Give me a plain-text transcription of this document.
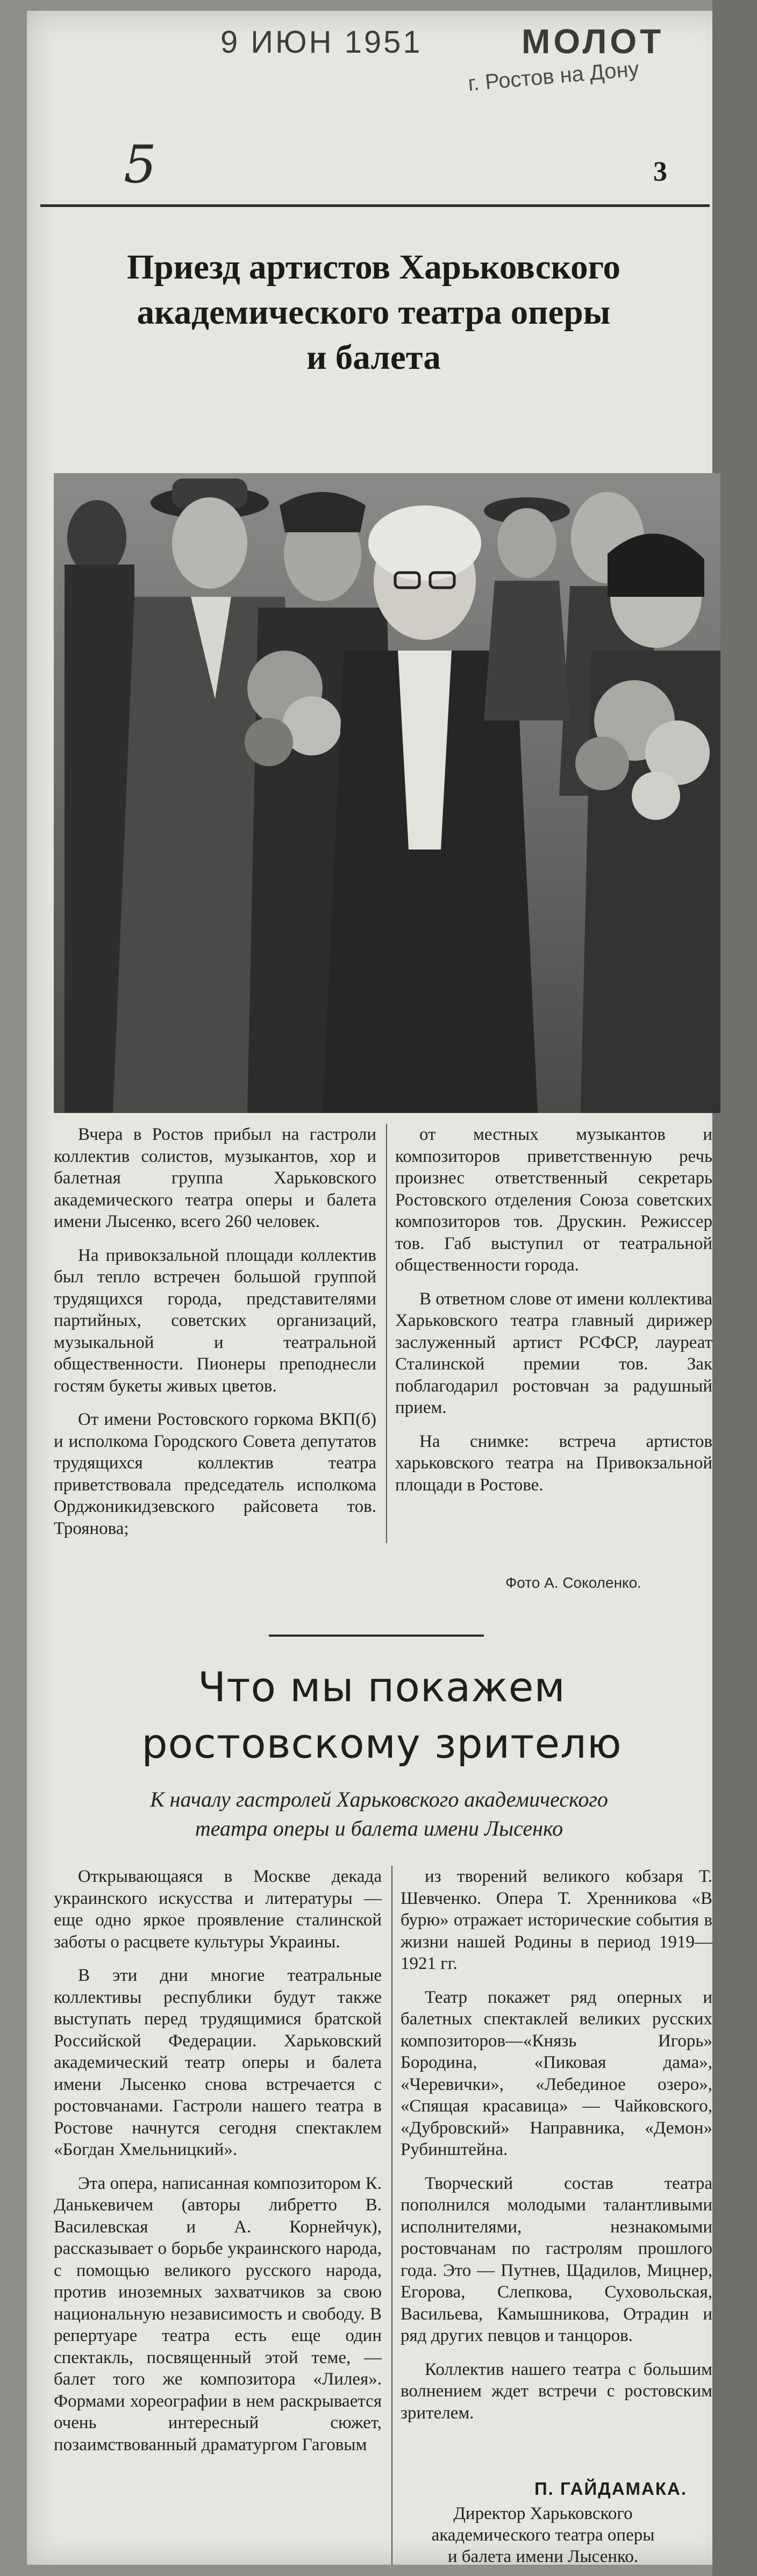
9 ИЮН 1951	МОЛОТ
г. Ростов на Дону
5	3
Приезд артистов Харьковского
академического театра оперы
и балета

Вчера в Ростов прибыл на гастроли коллектив солистов, музыкантов, хор и балетная группа Харьковского академического театра оперы и балета имени Лысенко, всего 260 человек.

На привокзальной площади коллектив был тепло встречен большой группой трудящихся города, представителями партийных, советских организаций, музыкальной и театральной общественности. Пионеры преподнесли гостям букеты живых цветов.

От имени Ростовского горкома ВКП(б) и исполкома Городского Совета депутатов трудящихся коллектив театра приветствовала председатель исполкома Орджоникидзевского райсовета тов. Троянова;

от местных музыкантов и композиторов приветственную речь произнес ответственный секретарь Ростовского отделения Союза советских композиторов тов. Друскин. Режиссер тов. Габ выступил от театральной общественности города.

В ответном слове от имени коллектива Харьковского театра главный дирижер заслуженный артист РСФСР, лауреат Сталинской премии тов. Зак поблагодарил ростовчан за радушный прием.

На снимке: встреча артистов харьковского театра на Привокзальной площади в Ростове.

Фото А. Соколенко.
Что мы покажем
ростовскому зрителю
К началу гастролей Харьковского академического
театра оперы и балета имени Лысенко

Открывающаяся в Москве декада украинского искусства и литературы — еще одно яркое проявление сталинской заботы о расцвете культуры Украины.

В эти дни многие театральные коллективы республики будут также выступать перед трудящимися братской Российской Федерации. Харьковский академический театр оперы и балета имени Лысенко снова встречается с ростовчанами. Гастроли нашего театра в Ростове начнутся сегодня спектаклем «Богдан Хмельницкий».

Эта опера, написанная композитором К. Данькевичем (авторы либретто В. Василевская и А. Корнейчук), рассказывает о борьбе украинского народа, с помощью великого русского народа, против иноземных захватчиков за свою национальную независимость и свободу. В репертуаре театра есть еще один спектакль, посвященный этой теме, — балет того же композитора «Лилея». Формами хореографии в нем раскрывается очень интересный сюжет, позаимствованный драматургом Гаговым

из творений великого кобзаря Т. Шевченко. Опера Т. Хренникова «В бурю» отражает исторические события в жизни нашей Родины в период 1919—1921 гг.

Театр покажет ряд оперных и балетных спектаклей великих русских композиторов—«Князь Игорь» Бородина, «Пиковая дама», «Черевички», «Лебединое озеро», «Спящая красавица» — Чайковского, «Дубровский» Направника, «Демон» Рубинштейна.

Творческий состав театра пополнился молодыми талантливыми исполнителями, незнакомыми ростовчанам по гастролям прошлого года. Это — Путнев, Щадилов, Мицнер, Егорова, Слепкова, Суховольская, Васильева, Камышникова, Отрадин и ряд других певцов и танцоров.

Коллектив нашего театра с большим волнением ждет встречи с ростовским зрителем.

П. ГАЙДАМАКА.
Директор Харьковского
академического театра оперы
и балета имени Лысенко.
